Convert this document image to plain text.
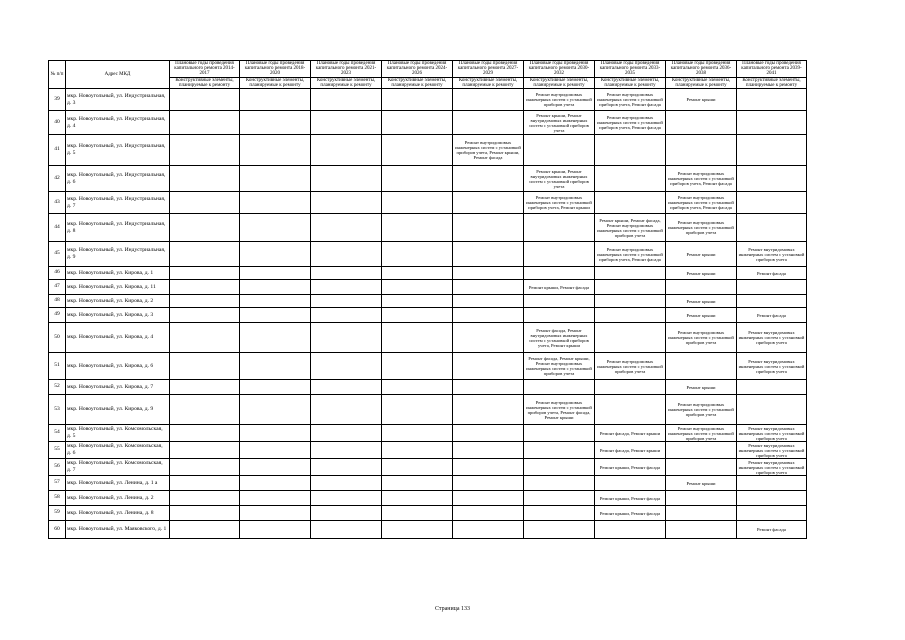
№ п/п	Адрес МКД	Плановые годы проведения капитального ремонта 2014-2017	Плановые годы проведения капитального ремонта 2018-2020	Плановые годы проведения капитального ремонта 2021-2023	Плановые годы проведения капитального ремонта 2024-2026	Плановые годы проведения капитального ремонта 2027-2029	Плановые годы проведения капитального ремонта 2030-2032	Плановые годы проведения капитального ремонта 2033-2035	Плановые годы проведения капитального ремонта 2036-2038	Плановые годы проведения капитального ремонта 2039-2041
		Конструктивные элементы, планируемые к ремонту	Конструктивные элементы, планируемые к ремонту	Конструктивные элементы, планируемые к ремонту	Конструктивные элементы, планируемые к ремонту	Конструктивные элементы, планируемые к ремонту	Конструктивные элементы, планируемые к ремонту	Конструктивные элементы, планируемые к ремонту	Конструктивные элементы, планируемые к ремонту	Конструктивные элементы, планируемые к ремонту
39	мкр. Новоугольный, ул. Индустриальная, д. 3						Ремонт внутридомовых инженерных систем с установкой приборов учета	Ремонт внутридомовых инженерных систем с установкой приборов учета, Ремонт фасада	Ремонт крыши	
40	мкр. Новоугольный, ул. Индустриальная, д. 4						Ремонт крыши, Ремонт внутридомовых инженерных систем с установкой приборов учета	Ремонт внутридомовых инженерных систем с установкой приборов учета, Ремонт фасада		
41	мкр. Новоугольный, ул. Индустриальная, д. 5					Ремонт внутридомовых инженерных систем с установкой приборов учета, Ремонт крыши, Ремонт фасада				
42	мкр. Новоугольный, ул. Индустриальная, д. 6						Ремонт крыши, Ремонт внутридомовых инженерных систем с установкой приборов учета		Ремонт внутридомовых инженерных систем с установкой приборов учета, Ремонт фасада	
43	мкр. Новоугольный, ул. Индустриальная, д. 7						Ремонт внутридомовых инженерных систем с установкой приборов учета, Ремонт крыши		Ремонт внутридомовых инженерных систем с установкой приборов учета, Ремонт фасада	
44	мкр. Новоугольный, ул. Индустриальная, д. 8							Ремонт крыши, Ремонт фасада, Ремонт внутридомовых инженерных систем с установкой приборов учета	Ремонт внутридомовых инженерных систем с установкой приборов учета	
45	мкр. Новоугольный, ул. Индустриальная, д. 9							Ремонт внутридомовых инженерных систем с установкой приборов учета, Ремонт фасада	Ремонт крыши	Ремонт внутридомовых инженерных систем с установкой приборов учета
46	мкр. Новоугольный, ул. Кирова, д. 1								Ремонт крыши	Ремонт фасада
47	мкр. Новоугольный, ул. Кирова, д. 11						Ремонт крыши, Ремонт фасада			
48	мкр. Новоугольный, ул. Кирова, д. 2								Ремонт крыши	
49	мкр. Новоугольный, ул. Кирова, д. 3								Ремонт крыши	Ремонт фасада
50	мкр. Новоугольный, ул. Кирова, д. 4						Ремонт фасада, Ремонт внутридомовых инженерных систем с установкой приборов учета, Ремонт крыши		Ремонт внутридомовых инженерных систем с установкой приборов учета	Ремонт внутридомовых инженерных систем с установкой приборов учета
51	мкр. Новоугольный, ул. Кирова, д. 6						Ремонт фасада, Ремонт крыши, Ремонт внутридомовых инженерных систем с установкой приборов учета	Ремонт внутридомовых инженерных систем с установкой приборов учета		Ремонт внутридомовых инженерных систем с установкой приборов учета
52	мкр. Новоугольный, ул. Кирова, д. 7								Ремонт крыши	
53	мкр. Новоугольный, ул. Кирова, д. 9						Ремонт внутридомовых инженерных систем с установкой приборов учета, Ремонт фасада, Ремонт крыши		Ремонт внутридомовых инженерных систем с установкой приборов учета	
54	мкр. Новоугольный, ул. Комсомольская, д. 5							Ремонт фасада, Ремонт крыши	Ремонт внутридомовых инженерных систем с установкой приборов учета	Ремонт внутридомовых инженерных систем с установкой приборов учета
55	мкр. Новоугольный, ул. Комсомольская, д. 6							Ремонт фасада, Ремонт крыши		Ремонт внутридомовых инженерных систем с установкой приборов учета
56	мкр. Новоугольный, ул. Комсомольская, д. 7							Ремонт крыши, Ремонт фасада		Ремонт внутридомовых инженерных систем с установкой приборов учета
57	мкр. Новоугольный, ул. Ленина, д. 1 а								Ремонт крыши	
58	мкр. Новоугольный, ул. Ленина, д. 2							Ремонт крыши, Ремонт фасада		
59	мкр. Новоугольный, ул. Ленина, д. 8							Ремонт крыши, Ремонт фасада		
60	мкр. Новоугольный, ул. Маяковского, д. 1									Ремонт фасада
Страница 133
